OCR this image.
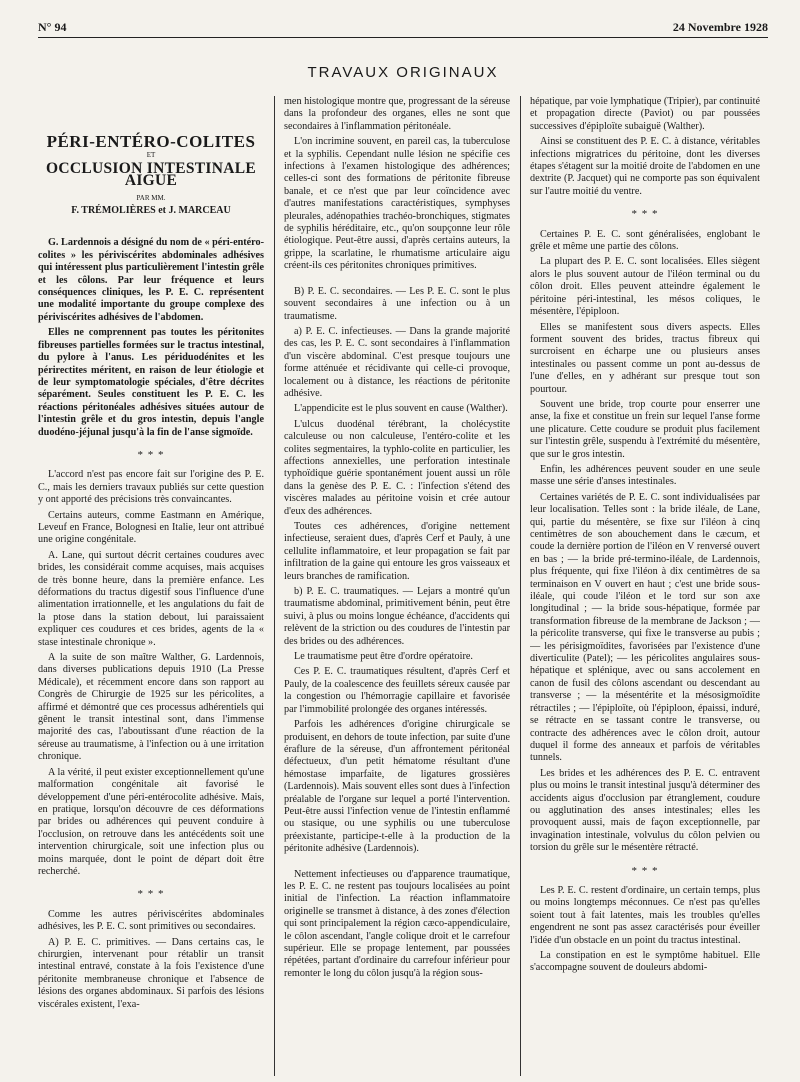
N° 94	24 Novembre 1928
TRAVAUX ORIGINAUX
PÉRI-ENTÉRO-COLITES
ET
OCCLUSION INTESTINALE AIGUE
PAR MM.
F. TRÉMOLIÈRES et J. MARCEAU

G. Lardennois a désigné du nom de « péri-entéro-colites » les périviscérites abdominales adhésives qui intéressent plus particulièrement l'intestin grêle et les côlons. Par leur fréquence et leurs conséquences cliniques, les P. E. C. représentent une modalité importante du groupe complexe des périviscérites adhésives de l'abdomen.

Elles ne comprennent pas toutes les péritonites fibreuses partielles formées sur le tractus intestinal, du pylore à l'anus. Les périduodénites et les périrectites méritent, en raison de leur étiologie et de leur symptomatologie spéciales, d'être décrites séparément. Seules constituent les P. E. C. les réactions péritonéales adhésives situées autour de l'intestin grêle et du gros intestin, depuis l'angle duodéno-jéjunal jusqu'à la fin de l'anse sigmoïde.

* * *

L'accord n'est pas encore fait sur l'origine des P. E. C., mais les derniers travaux publiés sur cette question y ont apporté des précisions très convaincantes.

Certains auteurs, comme Eastmann en Amérique, Leveuf en France, Bolognesi en Italie, leur ont attribué une origine congénitale.

A. Lane, qui surtout décrit certaines coudures avec brides, les considérait comme acquises, mais acquises de très bonne heure, dans la première enfance. Les déformations du tractus digestif sous l'influence d'une alimentation irrationnelle, et les angulations du fait de la ptose dans la station debout, lui paraissaient expliquer ces coudures et ces brides, agents de la « stase intestinale chronique ».

A la suite de son maître Walther, G. Lardennois, dans diverses publications depuis 1910 (La Presse Médicale), et récemment encore dans son rapport au Congrès de Chirurgie de 1925 sur les péricolites, a affirmé et démontré que ces processus adhérentiels qui gênent le transit intestinal sont, dans l'immense majorité des cas, l'aboutissant d'une réaction de la séreuse au traumatisme, à l'infection ou à une irritation chronique.

A la vérité, il peut exister exceptionnellement qu'une malformation congénitale ait favorisé le développement d'une péri-entérocolite adhésive. Mais, en pratique, lorsqu'on découvre de ces déformations par brides ou adhérences qui peuvent conduire à l'occlusion, on retrouve dans les antécédents soit une intervention chirurgicale, soit une infection plus ou moins marquée, dont le point de départ doit être recherché.

* * *

Comme les autres périviscérites abdominales adhésives, les P. E. C. sont primitives ou secondaires.

A) P. E. C. primitives. — Dans certains cas, le chirurgien, intervenant pour rétablir un transit intestinal entravé, constate à la fois l'existence d'une péritonite membraneuse chronique et l'absence de lésions des organes abdominaux. Si parfois des lésions viscérales existent, l'exa-

men histologique montre que, progressant de la séreuse dans la profondeur des organes, elles ne sont que secondaires à l'inflammation péritonéale.

L'on incrimine souvent, en pareil cas, la tuberculose et la syphilis. Cependant nulle lésion ne spécifie ces infections à l'examen histologique des adhérences; celles-ci sont des formations de péritonite fibreuse banale, et ce n'est que par leur coïncidence avec d'autres manifestations caractéristiques, symphyses pleurales, adénopathies trachéo-bronchiques, stigmates de syphilis héréditaire, etc., qu'on soupçonne leur rôle étiologique. Peut-être aussi, d'après certains auteurs, la grippe, la scarlatine, le rhumatisme articulaire aigu créent-ils ces péritonites chroniques primitives.

B) P. E. C. secondaires. — Les P. E. C. sont le plus souvent secondaires à une infection ou à un traumatisme.

a) P. E. C. infectieuses. — Dans la grande majorité des cas, les P. E. C. sont secondaires à l'inflammation d'un viscère abdominal. C'est presque toujours une forme atténuée et récidivante qui celle-ci provoque, localement ou à distance, les réactions de péritonite adhésive.

L'appendicite est le plus souvent en cause (Walther).

L'ulcus duodénal térébrant, la cholécystite calculeuse ou non calculeuse, l'entéro-colite et les colites segmentaires, la typhlo-colite en particulier, les affections annexielles, une perforation intestinale typhoïdique guérie spontanément jouent aussi un rôle dans la genèse des P. E. C. : l'infection s'étend des viscères malades au péritoine voisin et crée autour d'eux des adhérences.

Toutes ces adhérences, d'origine nettement infectieuse, seraient dues, d'après Cerf et Pauly, à une cellulite inflammatoire, et leur propagation se fait par infiltration de la gaine qui entoure les gros vaisseaux et leurs branches de ramification.

b) P. E. C. traumatiques. — Lejars a montré qu'un traumatisme abdominal, primitivement bénin, peut être suivi, à plus ou moins longue échéance, d'accidents qui relèvent de la striction ou des coudures de l'intestin par des brides ou des adhérences.

Le traumatisme peut être d'ordre opératoire.

Ces P. E. C. traumatiques résultent, d'après Cerf et Pauly, de la coalescence des feuillets séreux causée par la congestion ou l'hémorragie capillaire et favorisée par l'immobilité prolongée des organes intéressés.

Parfois les adhérences d'origine chirurgicale se produisent, en dehors de toute infection, par suite d'une éraflure de la séreuse, d'un affrontement péritonéal défectueux, d'un petit hématome résultant d'une hémostase imparfaite, de ligatures grossières (Lardennois). Mais souvent elles sont dues à l'infection préalable de l'organe sur lequel a porté l'intervention. Peut-être aussi l'infection venue de l'intestin enflammé ou stasique, ou une syphilis ou une tuberculose préexistante, participe-t-elle à la production de la péritonite adhésive (Lardennois).

Nettement infectieuses ou d'apparence traumatique, les P. E. C. ne restent pas toujours localisées au point initial de l'infection. La réaction inflammatoire originelle se transmet à distance, à des zones d'élection qui sont principalement la région cæco-appendiculaire, le côlon ascendant, l'angle colique droit et le carrefour supérieur. Elle se propage lentement, par poussées répétées, partant d'ordinaire du carrefour inférieur pour remonter le long du côlon jusqu'à la région sous-

hépatique, par voie lymphatique (Tripier), par continuité et propagation directe (Paviot) ou par poussées successives d'épiploïte subaiguë (Walther).

Ainsi se constituent des P. E. C. à distance, véritables infections migratrices du péritoine, dont les diverses étapes s'étagent sur la moitié droite de l'abdomen en une dextrite (P. Jacquet) qui ne comporte pas son équivalent sur l'autre moitié du ventre.

* * *

Certaines P. E. C. sont généralisées, englobant le grêle et même une partie des côlons.

La plupart des P. E. C. sont localisées. Elles siègent alors le plus souvent autour de l'iléon terminal ou du côlon droit. Elles peuvent atteindre également le péritoine péri-intestinal, les mésos coliques, le mésentère, l'épiploon.

Elles se manifestent sous divers aspects. Elles forment souvent des brides, tractus fibreux qui surcroisent en écharpe une ou plusieurs anses intestinales ou passent comme un pont au-dessus de l'une d'elles, en y adhérant sur presque tout son pourtour.

Souvent une bride, trop courte pour enserrer une anse, la fixe et constitue un frein sur lequel l'anse forme une plicature. Cette coudure se produit plus facilement sur l'intestin grêle, suspendu à l'extrémité du mésentère, que sur le gros intestin.

Enfin, les adhérences peuvent souder en une seule masse une série d'anses intestinales.

Certaines variétés de P. E. C. sont individualisées par leur localisation. Telles sont : la bride iléale, de Lane, qui, partie du mésentère, se fixe sur l'iléon à cinq centimètres de son abouchement dans le cæcum, et coude la dernière portion de l'iléon en V renversé ouvert en bas ; — la bride pré-termino-iléale, de Lardennois, plus fréquente, qui fixe l'iléon à dix centimètres de sa terminaison en V ouvert en haut ; c'est une bride sous-iléale, qui coude l'iléon et le tord sur son axe longitudinal ; — la bride sous-hépatique, formée par transformation fibreuse de la membrane de Jackson ; — la péricolite transverse, qui fixe le transverse au pubis ; — les périsigmoïdites, favorisées par l'existence d'une diverticulite (Patel); — les péricolites angulaires sous-hépatique et splénique, avec ou sans accolement en canon de fusil des côlons ascendant ou descendant au transverse ; — la mésentérite et la mésosigmoïdite rétractiles ; — l'épiploïte, où l'épiploon, épaissi, induré, se rétracte en se tassant contre le transverse, ou contracte des adhérences avec le côlon droit, autour duquel il forme des anneaux et parfois de véritables tunnels.

Les brides et les adhérences des P. E. C. entravent plus ou moins le transit intestinal jusqu'à déterminer des accidents aigus d'occlusion par étranglement, coudure ou agglutination des anses intestinales; elles les provoquent aussi, mais de façon exceptionnelle, par invagination intestinale, volvulus du côlon pelvien ou torsion du grêle sur le mésentère rétracté.

* * *

Les P. E. C. restent d'ordinaire, un certain temps, plus ou moins longtemps méconnues. Ce n'est pas qu'elles soient tout à fait latentes, mais les troubles qu'elles engendrent ne sont pas assez caractérisés pour éveiller l'idée d'un obstacle en un point du tractus intestinal.

La constipation en est le symptôme habituel. Elle s'accompagne souvent de douleurs abdomi-
